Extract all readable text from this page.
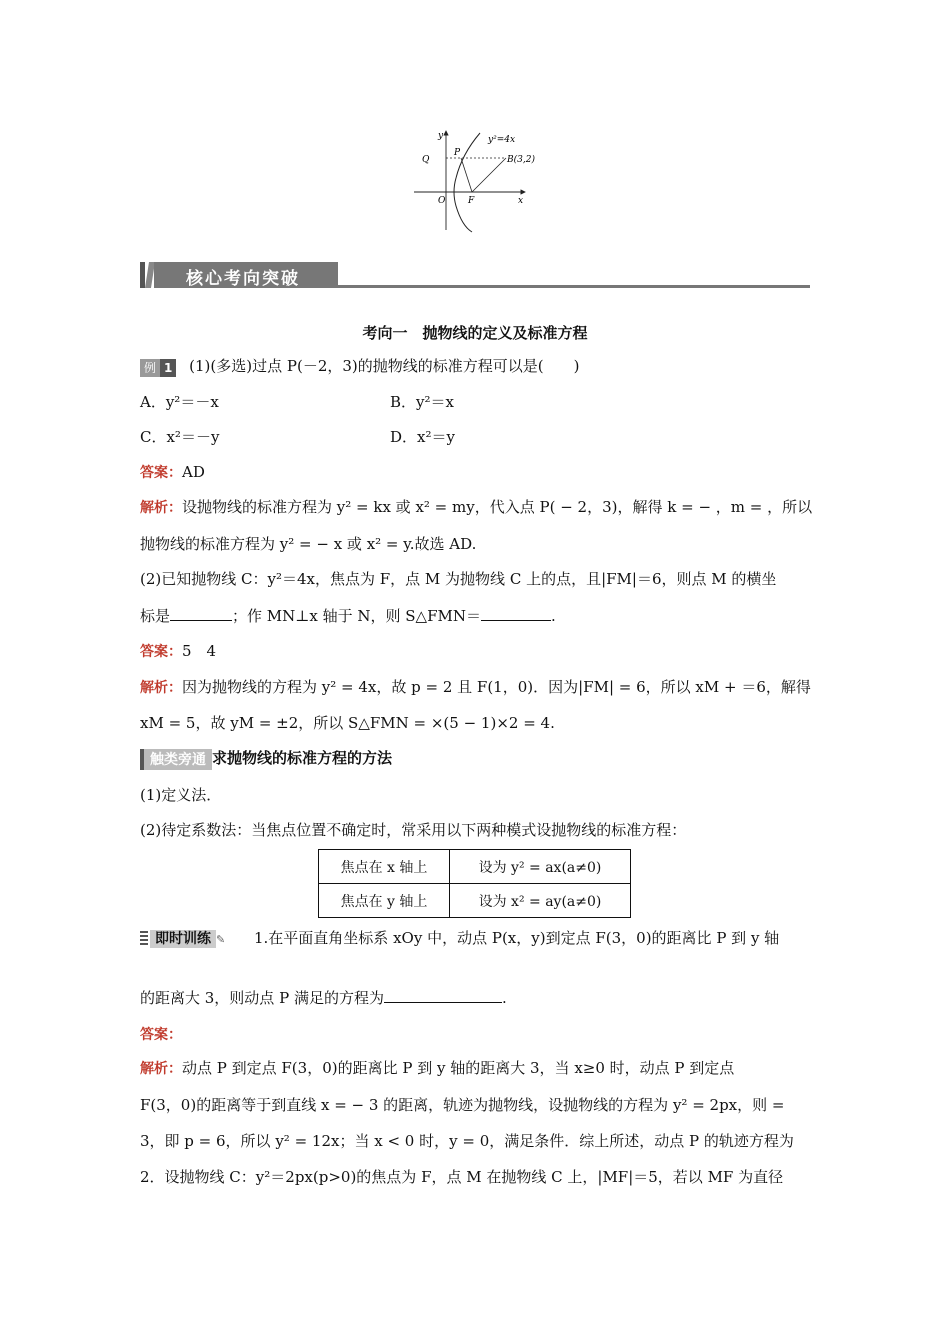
y²=4x
P
Q	B(3,2)
O	F	x
y
核心考向突破
考向一　抛物线的定义及标准方程
例 1 (1)(多选)过点 P(－2，3)的抛物线的标准方程可以是(　　)
A．y²＝－x	B．y²＝x
C．x²＝－y	D．x²＝y
答案：AD
解析：设抛物线的标准方程为 y² = kx 或 x² = my，代入点 P( − 2，3)，解得 k = − ，m = ，所以
抛物线的标准方程为 y² = − x 或 x² = y.故选 AD.
(2)已知抛物线 C：y²＝4x，焦点为 F，点 M 为抛物线 C 上的点，且|FM|＝6，则点 M 的横坐
标是	；作 MN⊥x 轴于 N，则 S△FMN＝	.
答案：5　4
解析：因为抛物线的方程为 y² = 4x，故 p = 2 且 F(1，0)．因为|FM| = 6，所以 xM + ＝6，解得
xM = 5，故 yM = ±2，所以 S△FMN = ×(5 − 1)×2 = 4.
触类旁通 求抛物线的标准方程的方法
(1)定义法．
(2)待定系数法：当焦点位置不确定时，常采用以下两种模式设抛物线的标准方程：
焦点在 x 轴上	设为 y² = ax(a≠0)
焦点在 y 轴上	设为 x² = ay(a≠0)
即时训练 ✎ 1.在平面直角坐标系 xOy 中，动点 P(x，y)到定点 F(3，0)的距离比 P 到 y 轴
的距离大 3，则动点 P 满足的方程为	.
答案：
解析：动点 P 到定点 F(3，0)的距离比 P 到 y 轴的距离大 3，当 x≥0 时，动点 P 到定点
F(3，0)的距离等于到直线 x = − 3 的距离，轨迹为抛物线，设抛物线的方程为 y² = 2px，则 =
3，即 p = 6，所以 y² = 12x；当 x < 0 时，y = 0，满足条件．综上所述，动点 P 的轨迹方程为
2．设抛物线 C：y²＝2px(p>0)的焦点为 F，点 M 在抛物线 C 上，|MF|＝5，若以 MF 为直径
